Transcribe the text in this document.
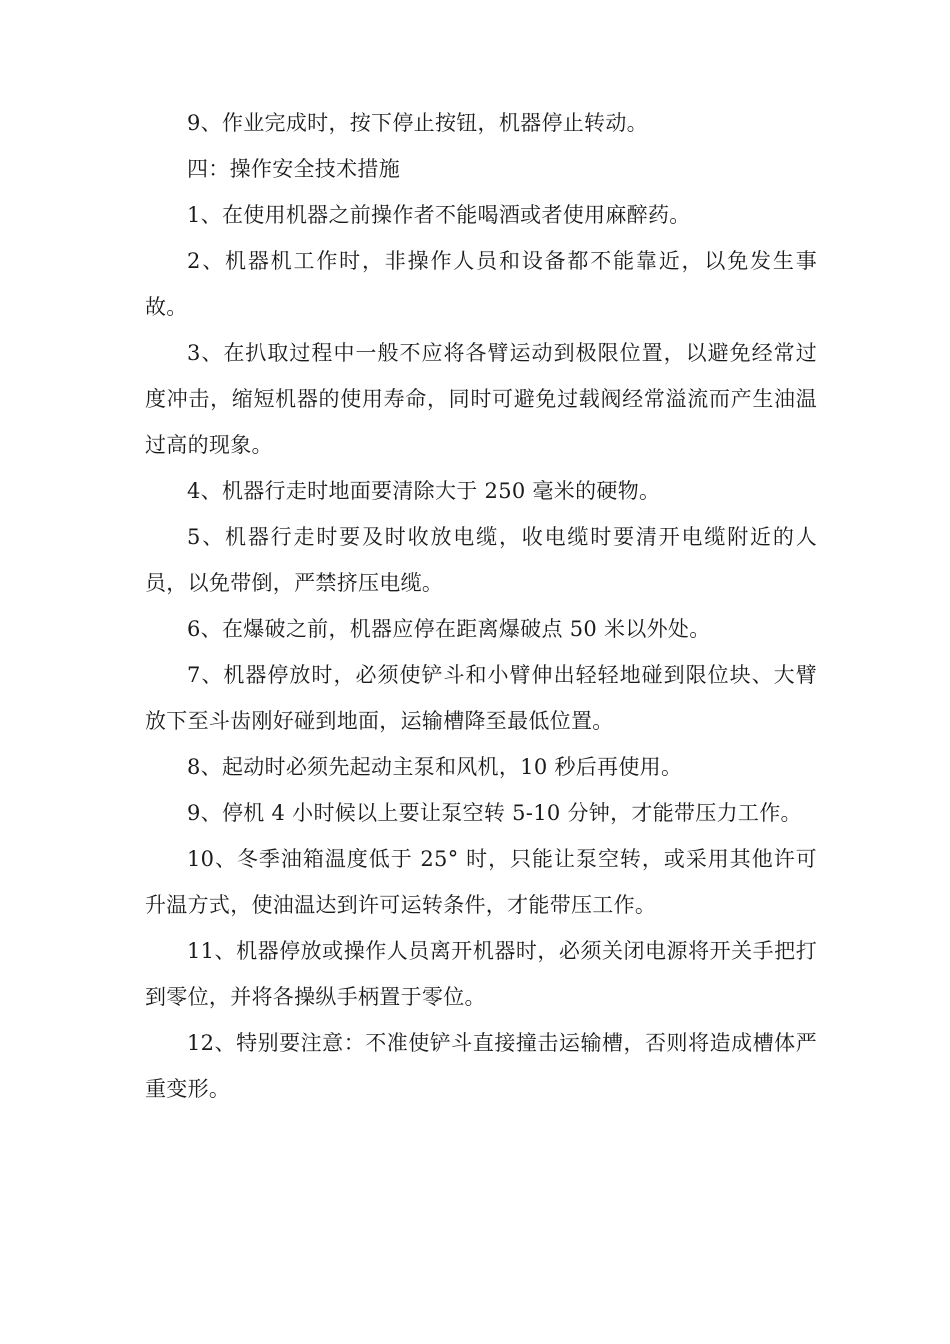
9、作业完成时，按下停止按钮，机器停止转动。

四：操作安全技术措施

1、在使用机器之前操作者不能喝酒或者使用麻醉药。

2、机器机工作时，非操作人员和设备都不能靠近，以免发生事故。

3、在扒取过程中一般不应将各臂运动到极限位置，以避免经常过度冲击，缩短机器的使用寿命，同时可避免过载阀经常溢流而产生油温过高的现象。

4、机器行走时地面要清除大于 250 毫米的硬物。

5、机器行走时要及时收放电缆，收电缆时要清开电缆附近的人员，以免带倒，严禁挤压电缆。

6、在爆破之前，机器应停在距离爆破点 50 米以外处。

7、机器停放时，必须使铲斗和小臂伸出轻轻地碰到限位块、大臂放下至斗齿刚好碰到地面，运输槽降至最低位置。

8、起动时必须先起动主泵和风机，10 秒后再使用。

9、停机 4 小时候以上要让泵空转 5-10 分钟，才能带压力工作。

10、冬季油箱温度低于 25° 时，只能让泵空转，或采用其他许可升温方式，使油温达到许可运转条件，才能带压工作。

11、机器停放或操作人员离开机器时，必须关闭电源将开关手把打到零位，并将各操纵手柄置于零位。

12、特别要注意：不准使铲斗直接撞击运输槽，否则将造成槽体严重变形。
